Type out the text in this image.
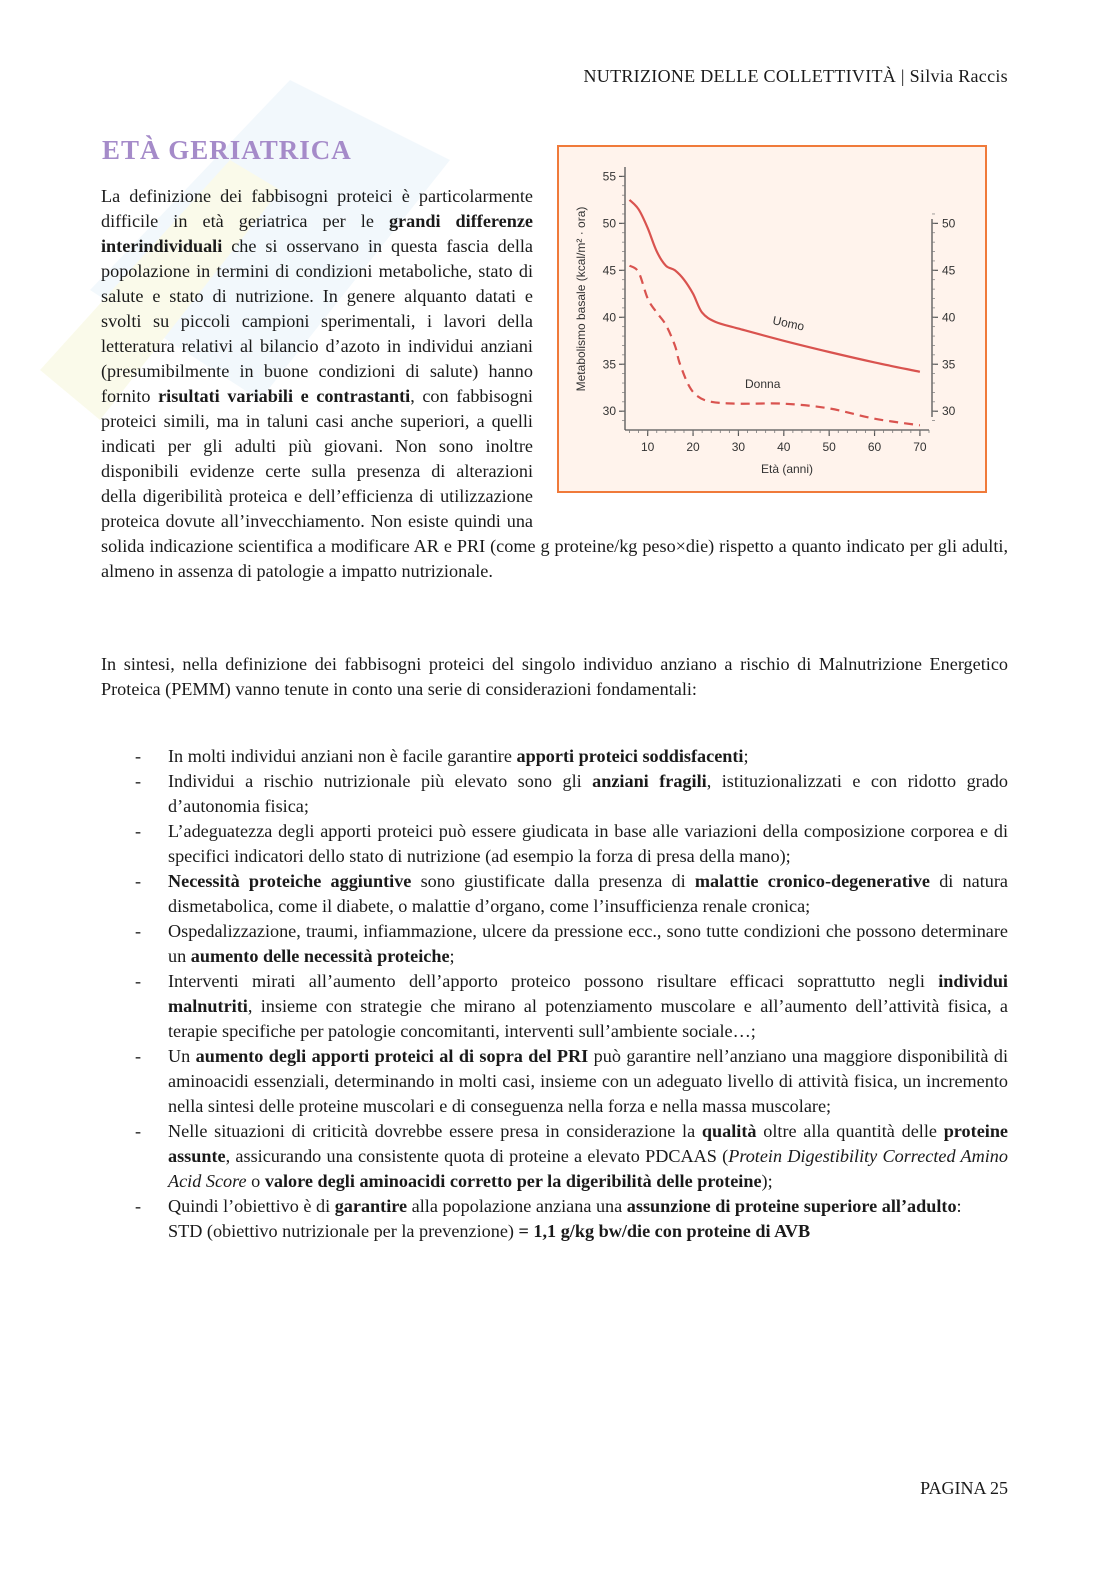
NUTRIZIONE DELLE COLLETTIVITÀ | Silvia Raccis
ETÀ GERIATRICA
10	20	30	40	50	60	70
30
35
40
45
50
55
30
35
40
45
50
Metabolismo basale (kcal/m² · ora)
Età (anni)
Uomo
Donna
La definizione dei fabbisogni proteici è particolarmente difficile in età geriatrica per le grandi differenze interindividuali che si osservano in questa fascia della popolazione in termini di condizioni metaboliche, stato di salute e stato di nutrizione. In genere alquanto datati e svolti su piccoli campioni sperimentali, i lavori della letteratura relativi al bilancio d’azoto in individui anziani (presumibilmente in buone condizioni di salute) hanno fornito risultati variabili e contrastanti, con fabbisogni proteici simili, ma in taluni casi anche superiori, a quelli indicati per gli adulti più giovani. Non sono inoltre disponibili evidenze certe sulla presenza di alterazioni della digeribilità proteica e dell’efficienza di utilizzazione proteica dovute all’invecchiamento. Non esiste quindi una solida indicazione scientifica a modificare AR e PRI (come g proteine/kg peso×die) rispetto a quanto indicato per gli adulti, almeno in assenza di patologie a impatto nutrizionale.

In sintesi, nella definizione dei fabbisogni proteici del singolo individuo anziano a rischio di Malnutrizione Energetico Proteica (PEMM) vanno tenute in conto una serie di considerazioni fondamentali:

- In molti individui anziani non è facile garantire apporti proteici soddisfacenti;
- Individui a rischio nutrizionale più elevato sono gli anziani fragili, istituzionalizzati e con ridotto grado d’autonomia fisica;
- L’adeguatezza degli apporti proteici può essere giudicata in base alle variazioni della composizione corporea e di specifici indicatori dello stato di nutrizione (ad esempio la forza di presa della mano);
- Necessità proteiche aggiuntive sono giustificate dalla presenza di malattie cronico-degenerative di natura dismetabolica, come il diabete, o malattie d’organo, come l’insufficienza renale cronica;
- Ospedalizzazione, traumi, infiammazione, ulcere da pressione ecc., sono tutte condizioni che possono determinare un aumento delle necessità proteiche;
- Interventi mirati all’aumento dell’apporto proteico possono risultare efficaci soprattutto negli individui malnutriti, insieme con strategie che mirano al potenziamento muscolare e all’aumento dell’attività fisica, a terapie specifiche per patologie concomitanti, interventi sull’ambiente sociale…;
- Un aumento degli apporti proteici al di sopra del PRI può garantire nell’anziano una maggiore disponibilità di aminoacidi essenziali, determinando in molti casi, insieme con un adeguato livello di attività fisica, un incremento nella sintesi delle proteine muscolari e di conseguenza nella forza e nella massa muscolare;
- Nelle situazioni di criticità dovrebbe essere presa in considerazione la qualità oltre alla quantità delle proteine assunte, assicurando una consistente quota di proteine a elevato PDCAAS (Protein Digestibility Corrected Amino Acid Score o valore degli aminoacidi corretto per la digeribilità delle proteine);
- Quindi l’obiettivo è di garantire alla popolazione anziana una assunzione di proteine superiore all’adulto:
STD (obiettivo nutrizionale per la prevenzione) = 1,1 g/kg bw/die con proteine di AVB
PAGINA 25
